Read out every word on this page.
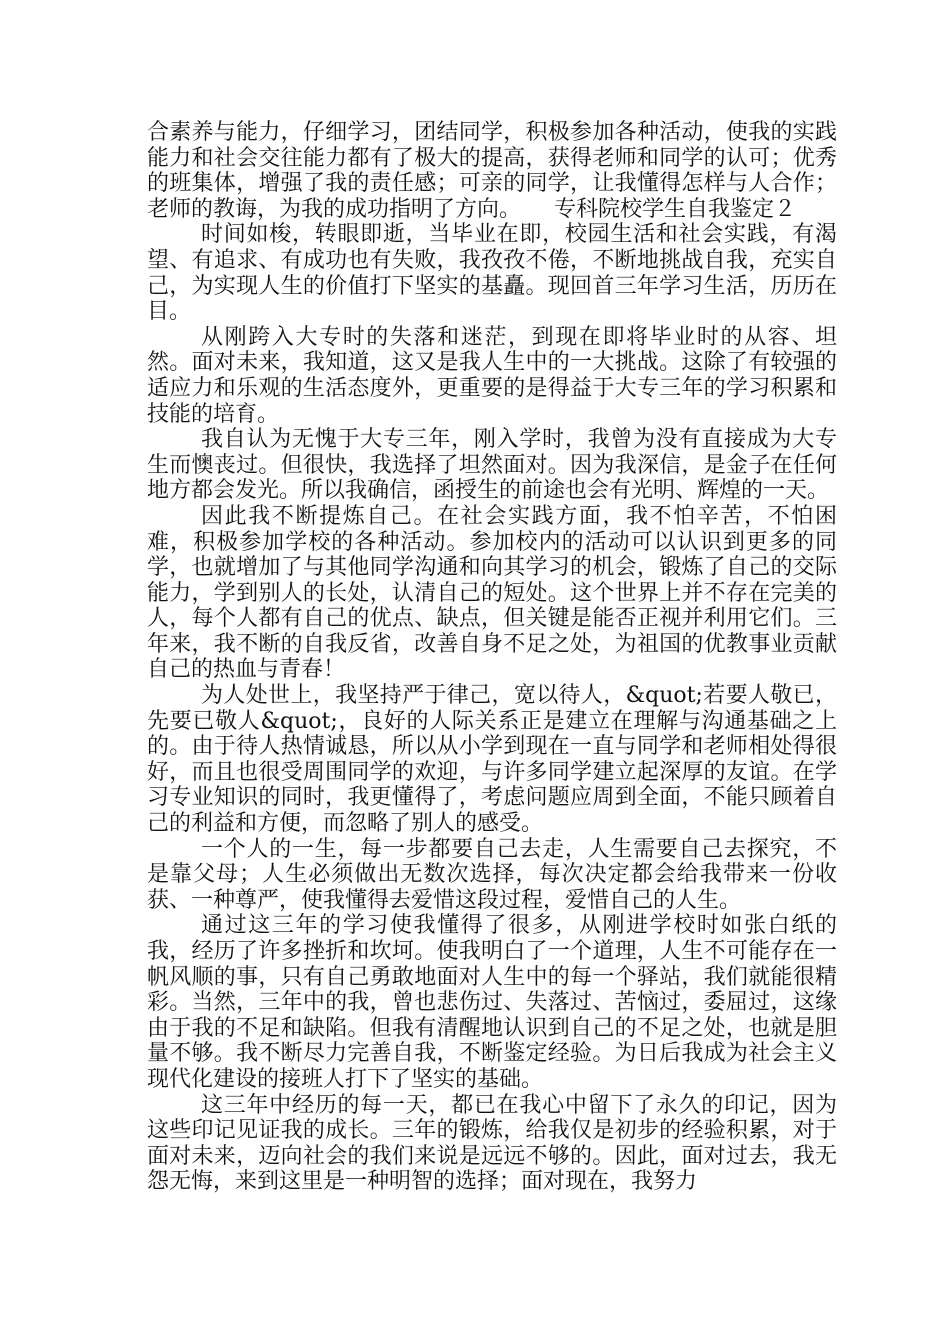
合素养与能力，仔细学习，团结同学，积极参加各种活动，使我的实践能力和社会交往能力都有了极大的提高，获得老师和同学的认可；优秀的班集体，增强了我的责任感；可亲的同学，让我懂得怎样与人合作；老师的教诲，为我的成功指明了方向。　　专科院校学生自我鉴定２

时间如梭，转眼即逝，当毕业在即，校园生活和社会实践，有渴望、有追求、有成功也有失败，我孜孜不倦，不断地挑战自我，充实自己，为实现人生的价值打下坚实的基矗。现回首三年学习生活，历历在目。

从刚跨入大专时的失落和迷茫，到现在即将毕业时的从容、坦然。面对未来，我知道，这又是我人生中的一大挑战。这除了有较强的适应力和乐观的生活态度外，更重要的是得益于大专三年的学习积累和技能的培育。

我自认为无愧于大专三年，刚入学时，我曾为没有直接成为大专生而懊丧过。但很快，我选择了坦然面对。因为我深信，是金子在任何地方都会发光。所以我确信，函授生的前途也会有光明、辉煌的一天。

因此我不断提炼自己。在社会实践方面，我不怕辛苦，不怕困难，积极参加学校的各种活动。参加校内的活动可以认识到更多的同学，也就增加了与其他同学沟通和向其学习的机会，锻炼了自己的交际能力，学到别人的长处，认清自己的短处。这个世界上并不存在完美的人，每个人都有自己的优点、缺点，但关键是能否正视并利用它们。三年来，我不断的自我反省，改善自身不足之处，为祖国的优教事业贡献自己的热血与青春！

为人处世上，我坚持严于律己，宽以待人，&quot;若要人敬已，先要已敬人&quot;，良好的人际关系正是建立在理解与沟通基础之上的。由于待人热情诚恳，所以从小学到现在一直与同学和老师相处得很好，而且也很受周围同学的欢迎，与许多同学建立起深厚的友谊。在学习专业知识的同时，我更懂得了，考虑问题应周到全面，不能只顾着自己的利益和方便，而忽略了别人的感受。

一个人的一生，每一步都要自己去走，人生需要自己去探究，不是靠父母；人生必须做出无数次选择，每次决定都会给我带来一份收获、一种尊严，使我懂得去爱惜这段过程，爱惜自己的人生。

通过这三年的学习使我懂得了很多，从刚进学校时如张白纸的我，经历了许多挫折和坎坷。使我明白了一个道理，人生不可能存在一帆风顺的事，只有自己勇敢地面对人生中的每一个驿站，我们就能很精彩。当然，三年中的我，曾也悲伤过、失落过、苦恼过，委屈过，这缘由于我的不足和缺陷。但我有清醒地认识到自己的不足之处，也就是胆量不够。我不断尽力完善自我，不断鉴定经验。为日后我成为社会主义现代化建设的接班人打下了坚实的基础。

这三年中经历的每一天，都已在我心中留下了永久的印记，因为这些印记见证我的成长。三年的锻炼，给我仅是初步的经验积累，对于面对未来，迈向社会的我们来说是远远不够的。因此，面对过去，我无怨无悔，来到这里是一种明智的选择；面对现在，我努力
